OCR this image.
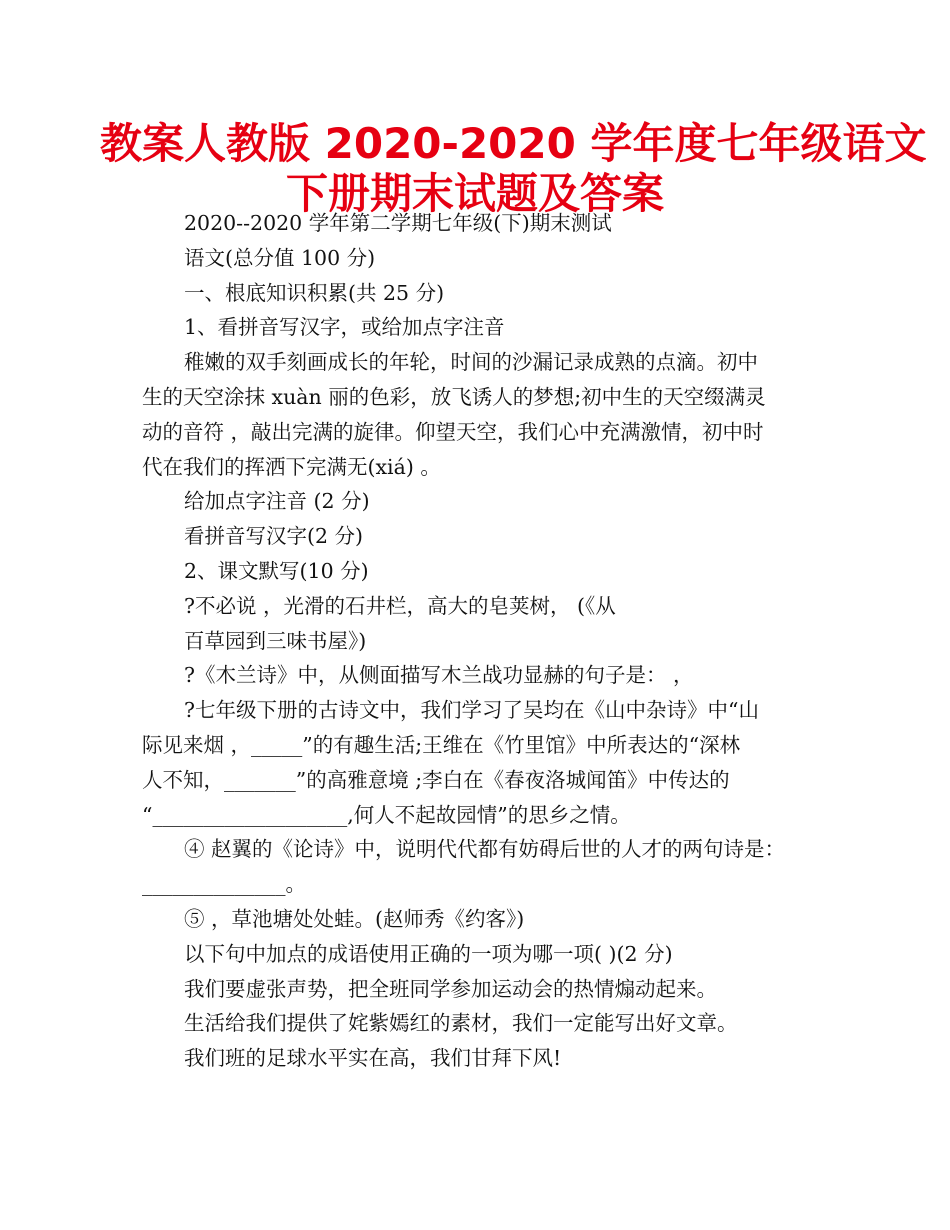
教案人教版 2020-2020 学年度七年级语文
下册期末试题及答案
2020--2020 学年第二学期七年级(下)期末测试
语文(总分值 100 分)
一、根底知识积累(共 25 分)
1、看拼音写汉字，或给加点字注音
稚嫩的双手刻画成长的年轮，时间的沙漏记录成熟的点滴。初中
生的天空涂抹 xuàn 丽的色彩，放飞诱人的梦想;初中生的天空缀满灵
动的音符 ，敲出完满的旋律。仰望天空，我们心中充满激情，初中时
代在我们的挥洒下完满无(xiá) 。
给加点字注音 (2 分)
看拼音写汉字(2 分)
2、课文默写(10 分)
?不必说 ，光滑的石井栏，高大的皂荚树， (《从
百草园到三味书屋》)
?《木兰诗》中，从侧面描写木兰战功显赫的句子是： ，
?七年级下册的古诗文中，我们学习了吴均在《山中杂诗》中“山
际见来烟 ，_____”的有趣生活;王维在《竹里馆》中所表达的“深林
人不知，_______”的高雅意境 ;李白在《春夜洛城闻笛》中传达的
“___________________,何人不起故园情”的思乡之情。
④ 赵翼的《论诗》中，说明代代都有妨碍后世的人才的两句诗是：
______________。
⑤ ，草池塘处处蛙。(赵师秀《约客》)
以下句中加点的成语使用正确的一项为哪一项( )(2 分)
我们要虚张声势，把全班同学参加运动会的热情煽动起来。
生活给我们提供了姹紫嫣红的素材，我们一定能写出好文章。
我们班的足球水平实在高，我们甘拜下风!
